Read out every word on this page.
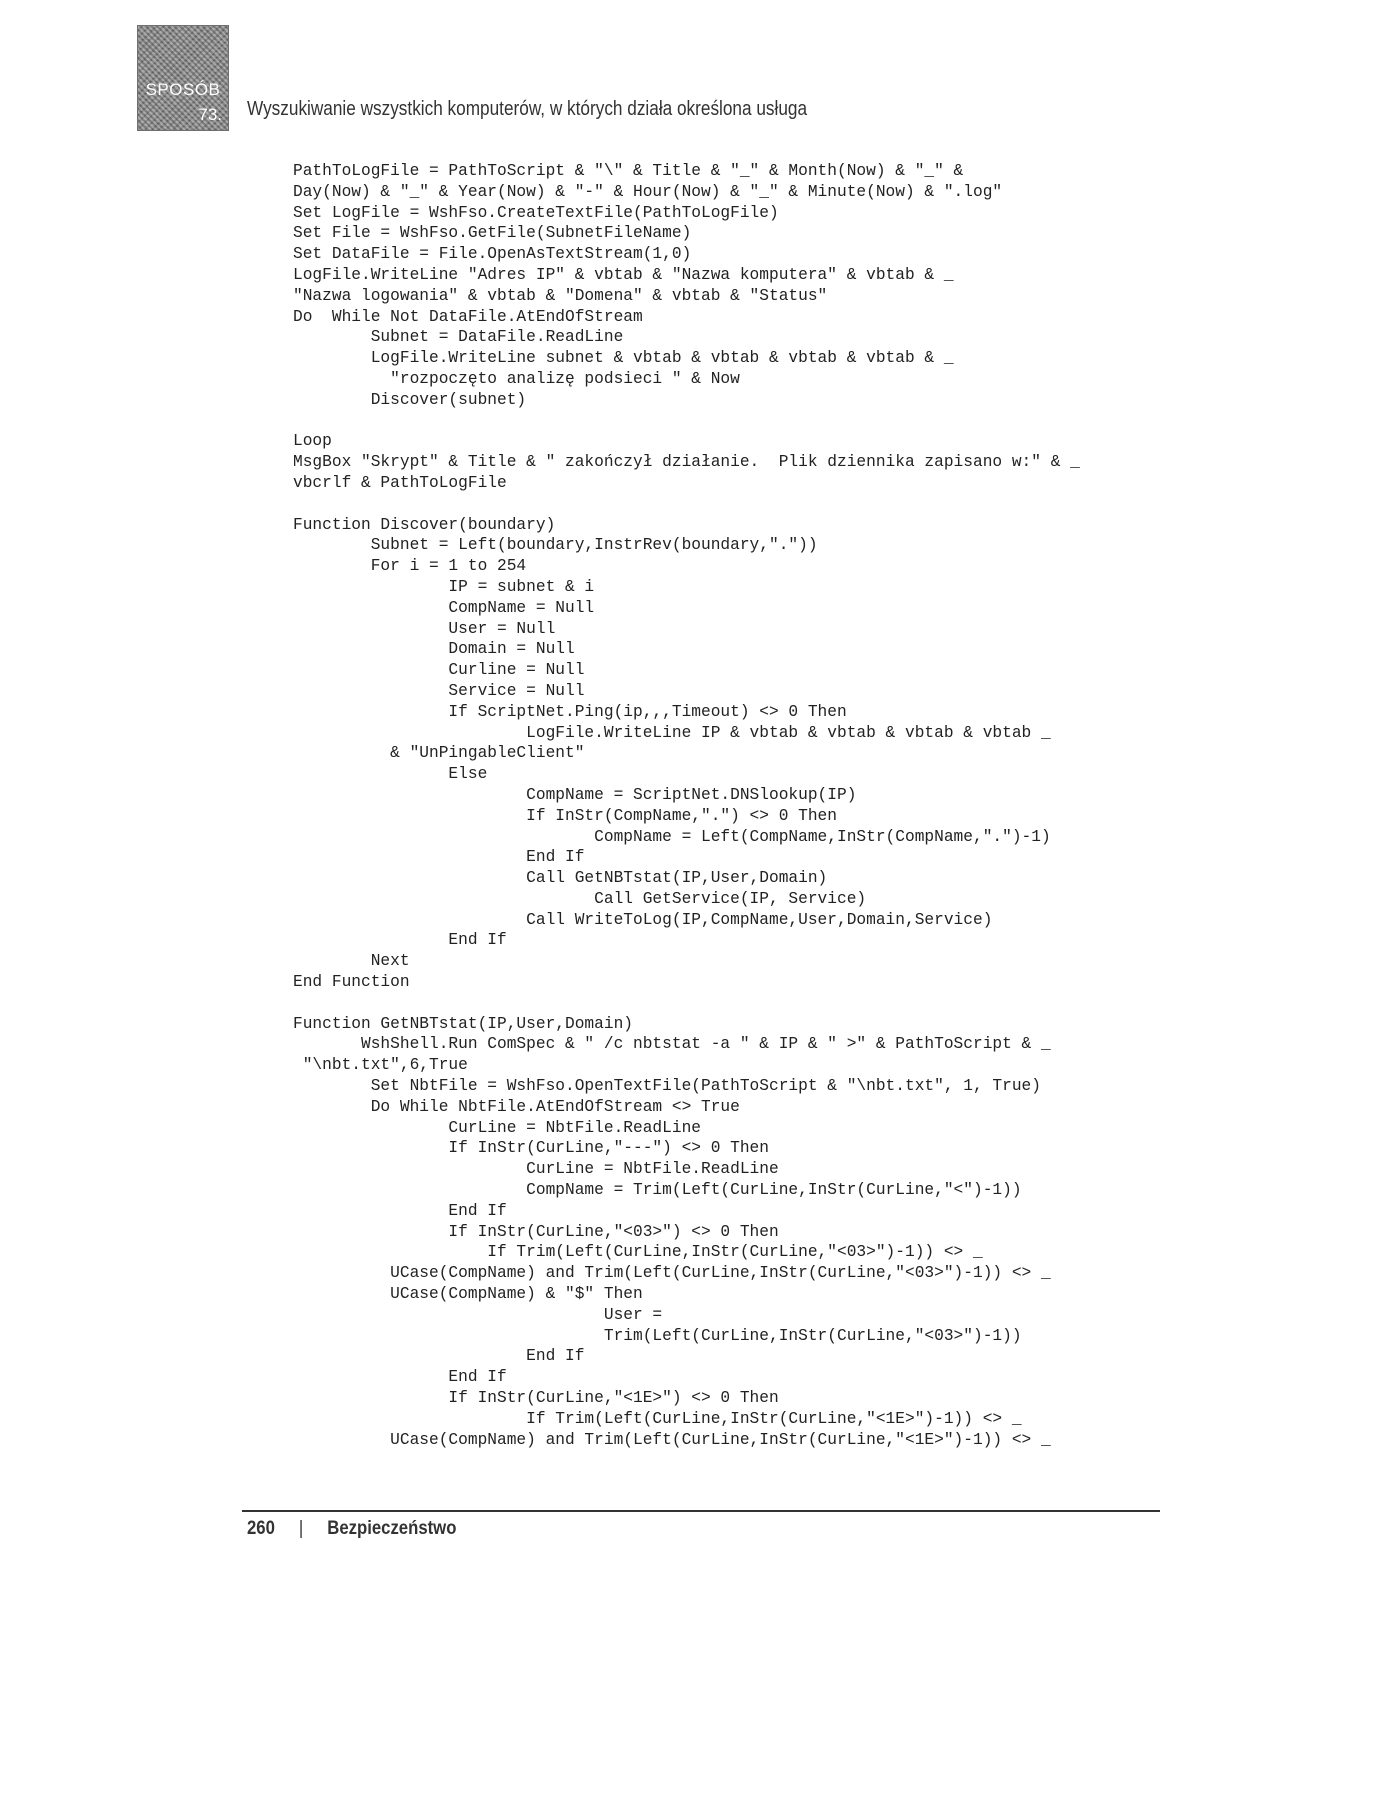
SPOSÓB
73. Wyszukiwanie wszystkich komputerów, w których działa określona usługa
PathToLogFile = PathToScript & "\" & Title & "_" & Month(Now) & "_" &
Day(Now) & "_" & Year(Now) & "-" & Hour(Now) & "_" & Minute(Now) & ".log"
Set LogFile = WshFso.CreateTextFile(PathToLogFile)
Set File = WshFso.GetFile(SubnetFileName)
Set DataFile = File.OpenAsTextStream(1,0)
LogFile.WriteLine "Adres IP" & vbtab & "Nazwa komputera" & vbtab & _
"Nazwa logowania" & vbtab & "Domena" & vbtab & "Status"
Do  While Not DataFile.AtEndOfStream
Subnet = DataFile.ReadLine
LogFile.WriteLine subnet & vbtab & vbtab & vbtab & vbtab & _
"rozpoczęto analizę podsieci " & Now
Discover(subnet)

Loop
MsgBox "Skrypt" & Title & " zakończył działanie.  Plik dziennika zapisano w:" & _
vbcrlf & PathToLogFile

Function Discover(boundary)
Subnet = Left(boundary,InstrRev(boundary,"."))
For i = 1 to 254
IP = subnet & i
CompName = Null
User = Null
Domain = Null
Curline = Null
Service = Null
If ScriptNet.Ping(ip,,,Timeout) <> 0 Then
LogFile.WriteLine IP & vbtab & vbtab & vbtab & vbtab _
& "UnPingableClient"
Else
CompName = ScriptNet.DNSlookup(IP)
If InStr(CompName,".") <> 0 Then
CompName = Left(CompName,InStr(CompName,".")-1)
End If
Call GetNBTstat(IP,User,Domain)
Call GetService(IP, Service)
Call WriteToLog(IP,CompName,User,Domain,Service)
End If
Next
End Function

Function GetNBTstat(IP,User,Domain)
WshShell.Run ComSpec & " /c nbtstat -a " & IP & " >" & PathToScript & _
"\nbt.txt",6,True
Set NbtFile = WshFso.OpenTextFile(PathToScript & "\nbt.txt", 1, True)
Do While NbtFile.AtEndOfStream <> True
CurLine = NbtFile.ReadLine
If InStr(CurLine,"---") <> 0 Then
CurLine = NbtFile.ReadLine
CompName = Trim(Left(CurLine,InStr(CurLine,"<")-1))
End If
If InStr(CurLine,"<03>") <> 0 Then
If Trim(Left(CurLine,InStr(CurLine,"<03>")-1)) <> _
UCase(CompName) and Trim(Left(CurLine,InStr(CurLine,"<03>")-1)) <> _
UCase(CompName) & "$" Then
User =
Trim(Left(CurLine,InStr(CurLine,"<03>")-1))
End If
End If
If InStr(CurLine,"<1E>") <> 0 Then
If Trim(Left(CurLine,InStr(CurLine,"<1E>")-1)) <> _
UCase(CompName) and Trim(Left(CurLine,InStr(CurLine,"<1E>")-1)) <> _

260 | Bezpieczeństwo
